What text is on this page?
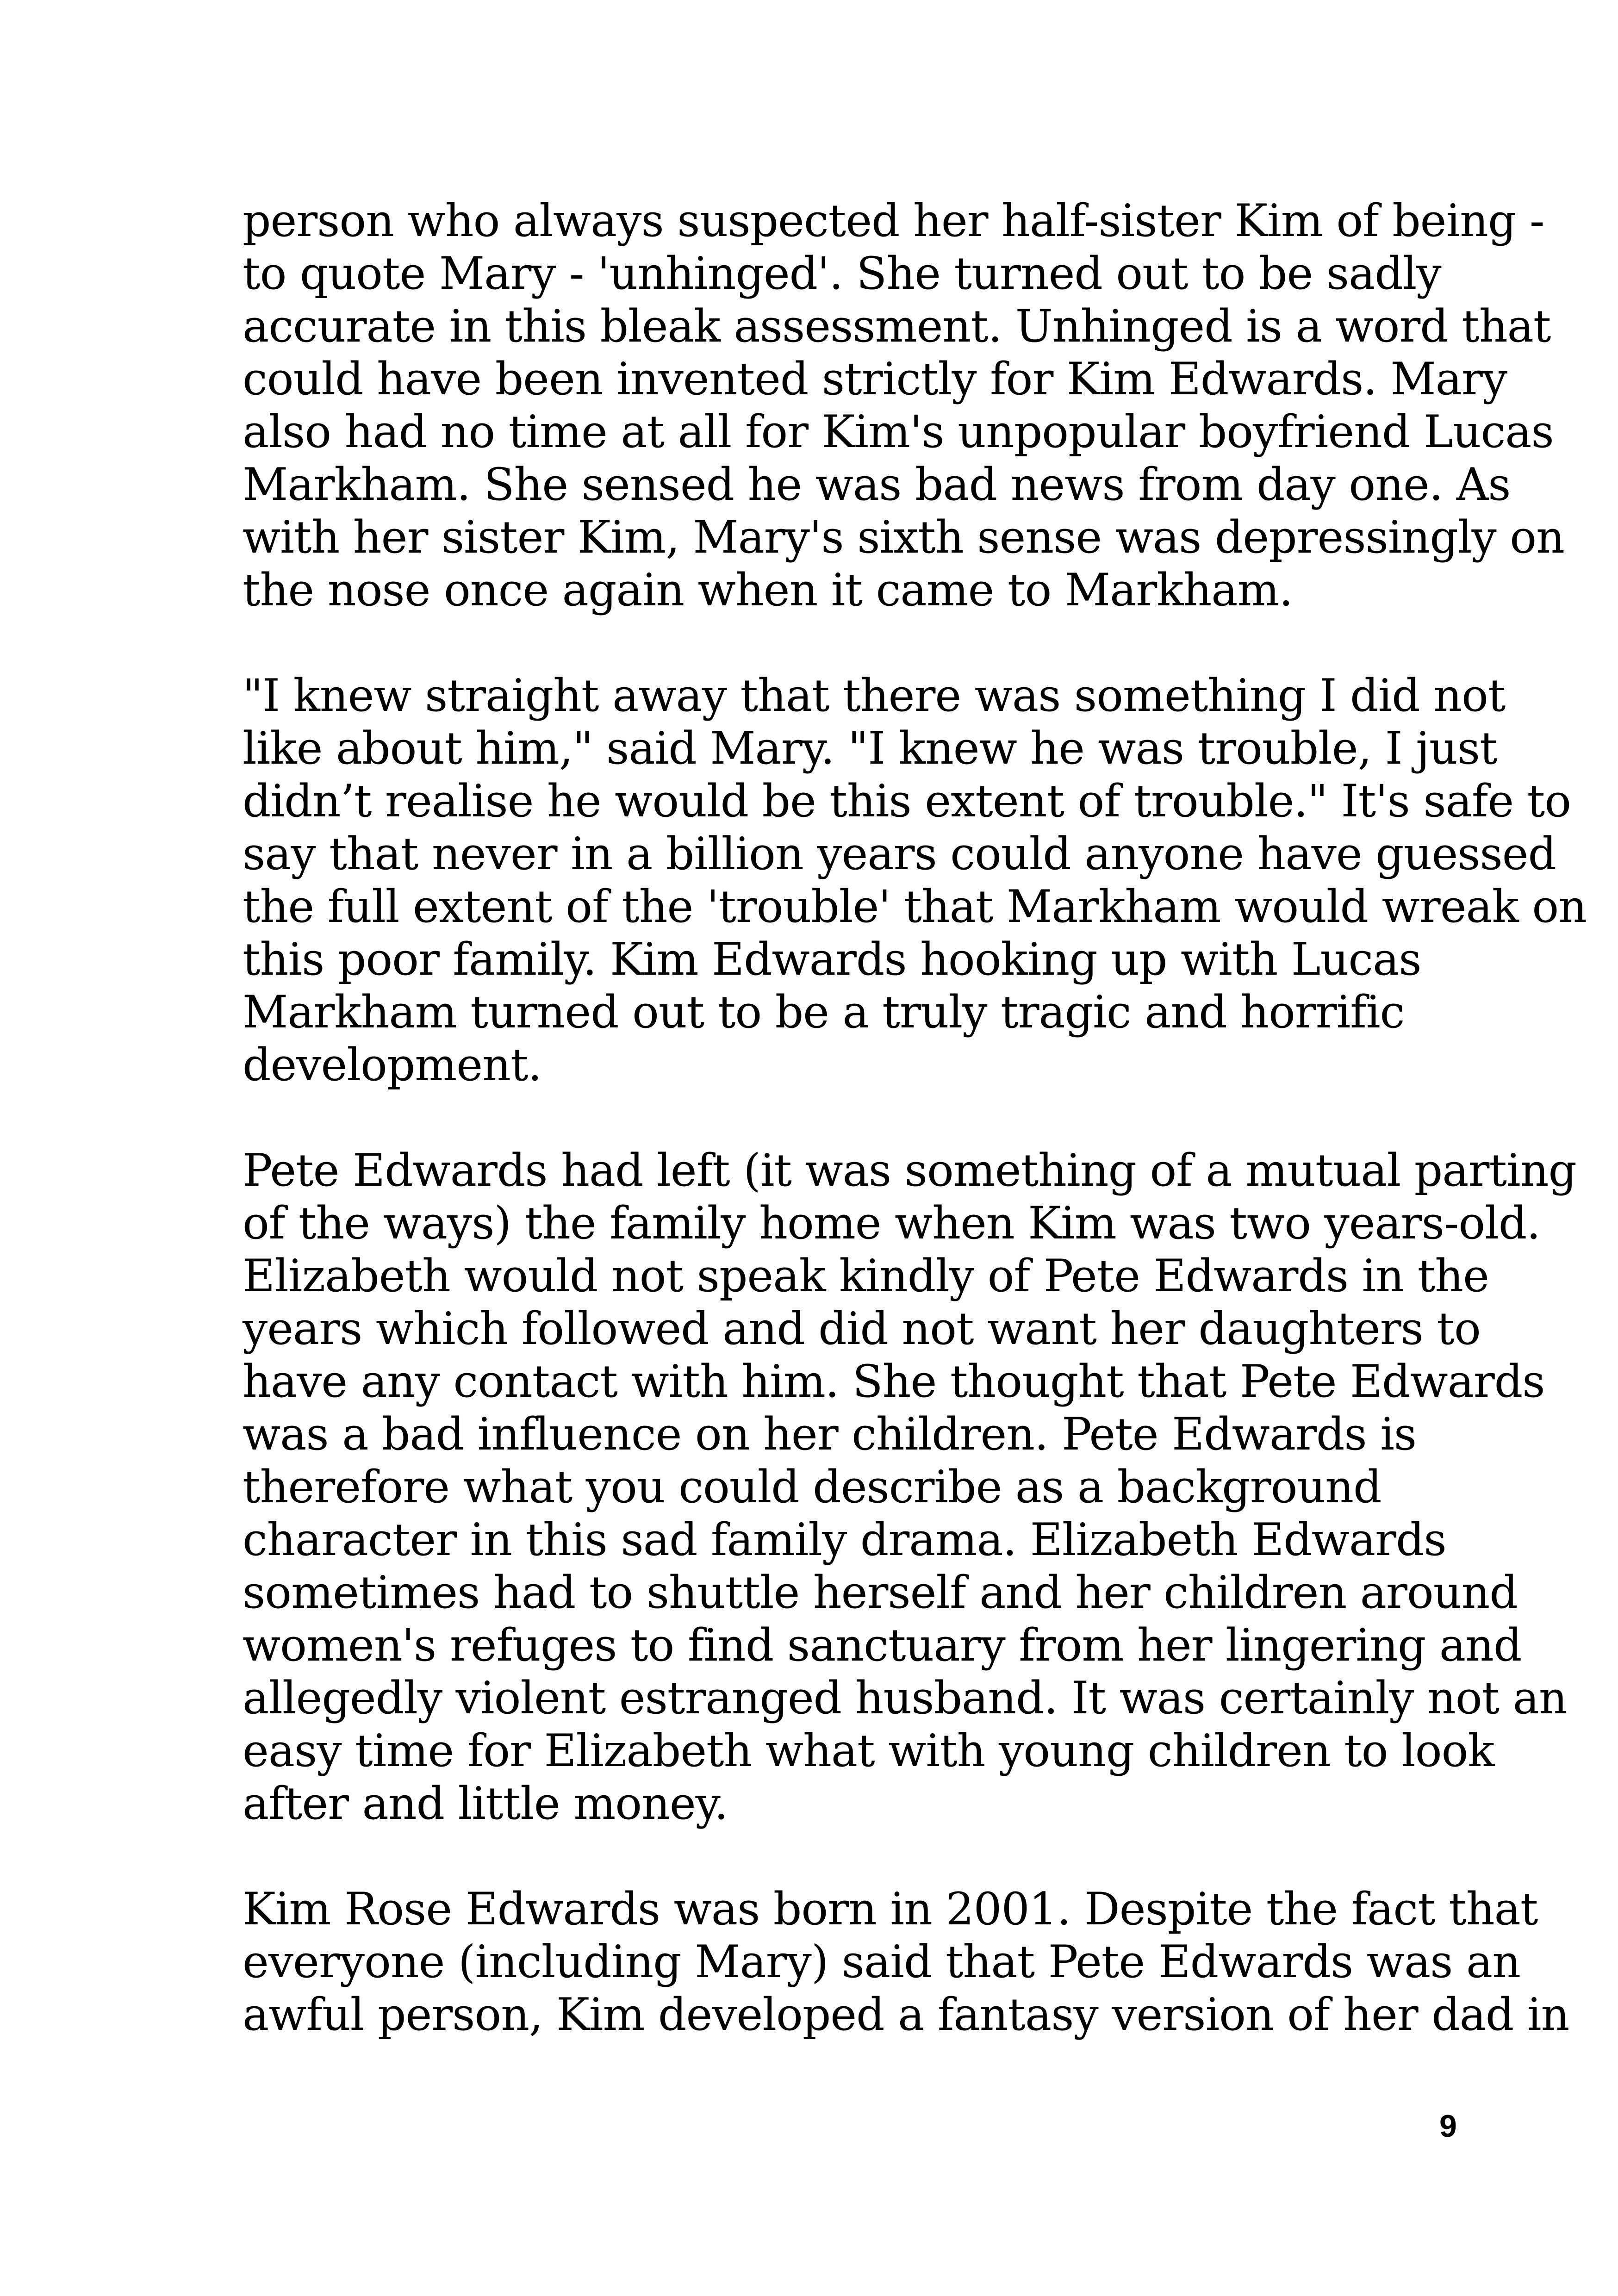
person who always suspected her half-sister Kim of being -
to quote Mary - 'unhinged'. She turned out to be sadly
accurate in this bleak assessment. Unhinged is a word that
could have been invented strictly for Kim Edwards. Mary
also had no time at all for Kim's unpopular boyfriend Lucas
Markham. She sensed he was bad news from day one. As
with her sister Kim, Mary's sixth sense was depressingly on
the nose once again when it came to Markham.

"I knew straight away that there was something I did not
like about him," said Mary. "I knew he was trouble, I just
didn’t realise he would be this extent of trouble." It's safe to
say that never in a billion years could anyone have guessed
the full extent of the 'trouble' that Markham would wreak on
this poor family. Kim Edwards hooking up with Lucas
Markham turned out to be a truly tragic and horrific
development.

Pete Edwards had left (it was something of a mutual parting
of the ways) the family home when Kim was two years-old.
Elizabeth would not speak kindly of Pete Edwards in the
years which followed and did not want her daughters to
have any contact with him. She thought that Pete Edwards
was a bad influence on her children. Pete Edwards is
therefore what you could describe as a background
character in this sad family drama. Elizabeth Edwards
sometimes had to shuttle herself and her children around
women's refuges to find sanctuary from her lingering and
allegedly violent estranged husband. It was certainly not an
easy time for Elizabeth what with young children to look
after and little money.

Kim Rose Edwards was born in 2001. Despite the fact that
everyone (including Mary) said that Pete Edwards was an
awful person, Kim developed a fantasy version of her dad in

9
